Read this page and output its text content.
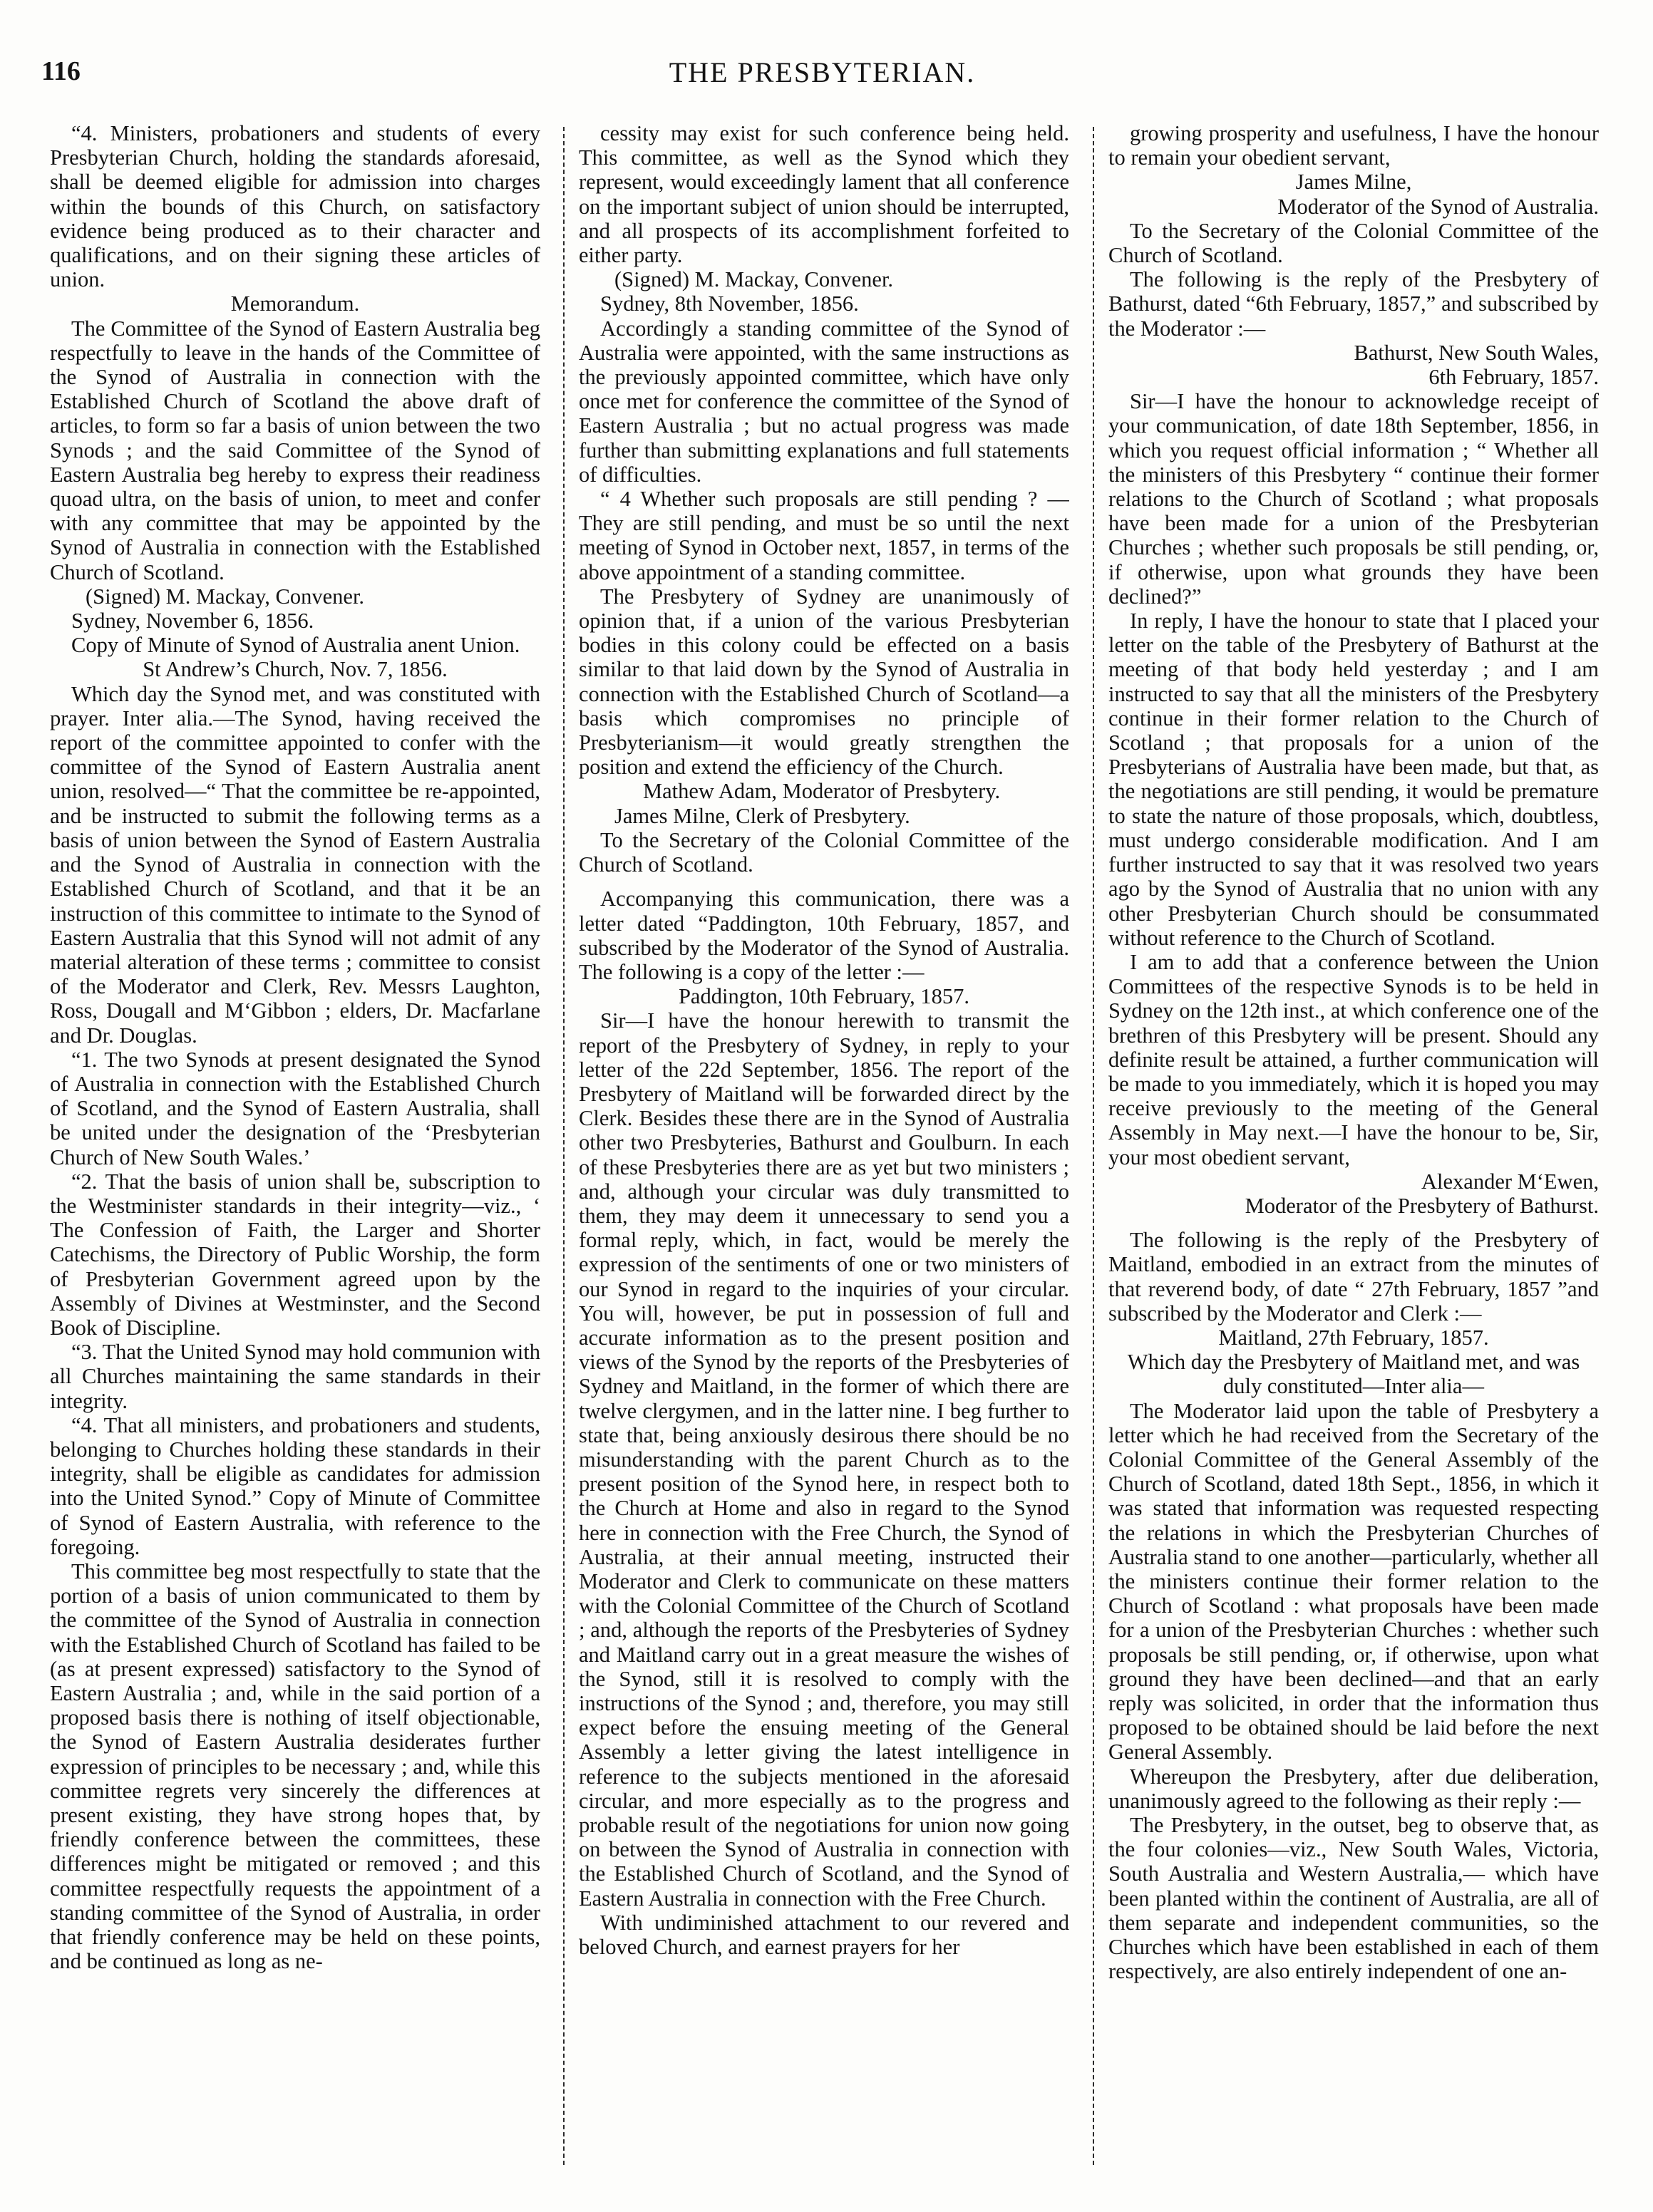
116	THE PRESBYTERIAN.

“4. Ministers, probationers and students of every Presbyterian Church, holding the standards aforesaid, shall be deemed eligible for admission into charges within the bounds of this Church, on satisfactory evidence being produced as to their character and qualifications, and on their signing these articles of union.

Memorandum.

The Committee of the Synod of Eastern Australia beg respectfully to leave in the hands of the Committee of the Synod of Australia in connection with the Established Church of Scotland the above draft of articles, to form so far a basis of union between the two Synods ; and the said Committee of the Synod of Eastern Australia beg hereby to express their readiness quoad ultra, on the basis of union, to meet and confer with any committee that may be appointed by the Synod of Australia in connection with the Established Church of Scotland.

(Signed) M. Mackay, Convener.

Sydney, November 6, 1856.

Copy of Minute of Synod of Australia anent Union.

St Andrew’s Church, Nov. 7, 1856.

Which day the Synod met, and was constituted with prayer. Inter alia.—The Synod, having received the report of the committee appointed to confer with the committee of the Synod of Eastern Australia anent union, resolved—“ That the committee be re-appointed, and be instructed to submit the following terms as a basis of union between the Synod of Eastern Australia and the Synod of Australia in connection with the Established Church of Scotland, and that it be an instruction of this committee to intimate to the Synod of Eastern Australia that this Synod will not admit of any material alteration of these terms ; committee to consist of the Moderator and Clerk, Rev. Messrs Laughton, Ross, Dougall and M‘Gibbon ; elders, Dr. Macfarlane and Dr. Douglas.

“1. The two Synods at present designated the Synod of Australia in connection with the Established Church of Scotland, and the Synod of Eastern Australia, shall be united under the designation of the ‘Presbyterian Church of New South Wales.’

“2. That the basis of union shall be, subscription to the Westminister standards in their integrity—viz., ‘ The Confession of Faith, the Larger and Shorter Catechisms, the Directory of Public Worship, the form of Presbyterian Government agreed upon by the Assembly of Divines at Westminster, and the Second Book of Discipline.

“3. That the United Synod may hold communion with all Churches maintaining the same standards in their integrity.

“4. That all ministers, and probationers and students, belonging to Churches holding these standards in their integrity, shall be eligible as candidates for admission into the United Synod.” Copy of Minute of Committee of Synod of Eastern Australia, with reference to the foregoing.

This committee beg most respectfully to state that the portion of a basis of union communicated to them by the committee of the Synod of Australia in connection with the Established Church of Scotland has failed to be (as at present expressed) satisfactory to the Synod of Eastern Australia ; and, while in the said portion of a proposed basis there is nothing of itself objectionable, the Synod of Eastern Australia desiderates further expression of principles to be necessary ; and, while this committee regrets very sincerely the differences at present existing, they have strong hopes that, by friendly conference between the committees, these differences might be mitigated or removed ; and this committee respectfully requests the appointment of a standing committee of the Synod of Australia, in order that friendly conference may be held on these points, and be continued as long as ne-

cessity may exist for such conference being held. This committee, as well as the Synod which they represent, would exceedingly lament that all conference on the important subject of union should be interrupted, and all prospects of its accomplishment forfeited to either party.

(Signed) M. Mackay, Convener.

Sydney, 8th November, 1856.

Accordingly a standing committee of the Synod of Australia were appointed, with the same instructions as the previously appointed committee, which have only once met for conference the committee of the Synod of Eastern Australia ; but no actual progress was made further than submitting explanations and full statements of difficulties.

“ 4 Whether such proposals are still pending ? —They are still pending, and must be so until the next meeting of Synod in October next, 1857, in terms of the above appointment of a standing committee.

The Presbytery of Sydney are unanimously of opinion that, if a union of the various Presbyterian bodies in this colony could be effected on a basis similar to that laid down by the Synod of Australia in connection with the Established Church of Scotland—a basis which compromises no principle of Presbyterianism—it would greatly strengthen the position and extend the efficiency of the Church.

Mathew Adam, Moderator of Presbytery.

James Milne, Clerk of Presbytery.

To the Secretary of the Colonial Committee of the Church of Scotland.

Accompanying this communication, there was a letter dated “Paddington, 10th February, 1857, and subscribed by the Moderator of the Synod of Australia. The following is a copy of the letter :—

Paddington, 10th February, 1857.

Sir—I have the honour herewith to transmit the report of the Presbytery of Sydney, in reply to your letter of the 22d September, 1856. The report of the Presbytery of Maitland will be forwarded direct by the Clerk. Besides these there are in the Synod of Australia other two Presbyteries, Bathurst and Goulburn. In each of these Presbyteries there are as yet but two ministers ; and, although your circular was duly transmitted to them, they may deem it unnecessary to send you a formal reply, which, in fact, would be merely the expression of the sentiments of one or two ministers of our Synod in regard to the inquiries of your circular. You will, however, be put in possession of full and accurate information as to the present position and views of the Synod by the reports of the Presbyteries of Sydney and Maitland, in the former of which there are twelve clergymen, and in the latter nine. I beg further to state that, being anxiously desirous there should be no misunderstanding with the parent Church as to the present position of the Synod here, in respect both to the Church at Home and also in regard to the Synod here in connection with the Free Church, the Synod of Australia, at their annual meeting, instructed their Moderator and Clerk to communicate on these matters with the Colonial Committee of the Church of Scotland ; and, although the reports of the Presbyteries of Sydney and Maitland carry out in a great measure the wishes of the Synod, still it is resolved to comply with the instructions of the Synod ; and, therefore, you may still expect before the ensuing meeting of the General Assembly a letter giving the latest intelligence in reference to the subjects mentioned in the aforesaid circular, and more especially as to the progress and probable result of the negotiations for union now going on between the Synod of Australia in connection with the Established Church of Scotland, and the Synod of Eastern Australia in connection with the Free Church.

With undiminished attachment to our revered and beloved Church, and earnest prayers for her

growing prosperity and usefulness, I have the honour to remain your obedient servant,

James Milne,

Moderator of the Synod of Australia.

To the Secretary of the Colonial Committee of the Church of Scotland.

The following is the reply of the Presbytery of Bathurst, dated “6th February, 1857,” and subscribed by the Moderator :—

Bathurst, New South Wales,

6th February, 1857.

Sir—I have the honour to acknowledge receipt of your communication, of date 18th September, 1856, in which you request official information ; “ Whether all the ministers of this Presbytery “ continue their former relations to the Church of Scotland ; what proposals have been made for a union of the Presbyterian Churches ; whether such proposals be still pending, or, if otherwise, upon what grounds they have been declined?”

In reply, I have the honour to state that I placed your letter on the table of the Presbytery of Bathurst at the meeting of that body held yesterday ; and I am instructed to say that all the ministers of the Presbytery continue in their former relation to the Church of Scotland ; that proposals for a union of the Presbyterians of Australia have been made, but that, as the negotiations are still pending, it would be premature to state the nature of those proposals, which, doubtless, must undergo considerable modification. And I am further instructed to say that it was resolved two years ago by the Synod of Australia that no union with any other Presbyterian Church should be consummated without reference to the Church of Scotland.

I am to add that a conference between the Union Committees of the respective Synods is to be held in Sydney on the 12th inst., at which conference one of the brethren of this Presbytery will be present. Should any definite result be attained, a further communication will be made to you immediately, which it is hoped you may receive previously to the meeting of the General Assembly in May next.—I have the honour to be, Sir, your most obedient servant,

Alexander M‘Ewen,

Moderator of the Presbytery of Bathurst.

The following is the reply of the Presbytery of Maitland, embodied in an extract from the minutes of that reverend body, of date “ 27th February, 1857 ”and subscribed by the Moderator and Clerk :—

Maitland, 27th February, 1857.

Which day the Presbytery of Maitland met, and was duly constituted—Inter alia—

The Moderator laid upon the table of Presbytery a letter which he had received from the Secretary of the Colonial Committee of the General Assembly of the Church of Scotland, dated 18th Sept., 1856, in which it was stated that information was requested respecting the relations in which the Presbyterian Churches of Australia stand to one another—particularly, whether all the ministers continue their former relation to the Church of Scotland : what proposals have been made for a union of the Presbyterian Churches : whether such proposals be still pending, or, if otherwise, upon what ground they have been declined—and that an early reply was solicited, in order that the information thus proposed to be obtained should be laid before the next General Assembly.

Whereupon the Presbytery, after due deliberation, unanimously agreed to the following as their reply :—

The Presbytery, in the outset, beg to observe that, as the four colonies—viz., New South Wales, Victoria, South Australia and Western Australia,— which have been planted within the continent of Australia, are all of them separate and independent communities, so the Churches which have been established in each of them respectively, are also entirely independent of one an-
